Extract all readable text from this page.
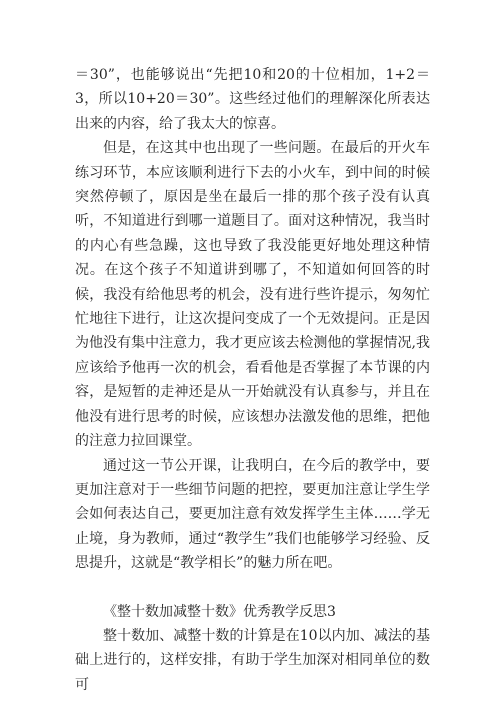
＝30”，也能够说出“先把10和20的十位相加，1+2＝3，所以10+20＝30”。这些经过他们的理解深化所表达出来的内容，给了我太大的惊喜。

但是，在这其中也出现了一些问题。在最后的开火车练习环节，本应该顺利进行下去的小火车，到中间的时候突然停顿了，原因是坐在最后一排的那个孩子没有认真听，不知道进行到哪一道题目了。面对这种情况，我当时的内心有些急躁，这也导致了我没能更好地处理这种情况。在这个孩子不知道讲到哪了，不知道如何回答的时候，我没有给他思考的机会，没有进行些许提示，匆匆忙忙地往下进行，让这次提问变成了一个无效提问。正是因为他没有集中注意力，我才更应该去检测他的掌握情况,我应该给予他再一次的机会，看看他是否掌握了本节课的内容，是短暂的走神还是从一开始就没有认真参与，并且在他没有进行思考的时候，应该想办法激发他的思维，把他的注意力拉回课堂。

通过这一节公开课，让我明白，在今后的教学中，要更加注意对于一些细节问题的把控，要更加注意让学生学会如何表达自己，要更加注意有效发挥学生主体……学无止境，身为教师，通过“教学生”我们也能够学习经验、反思提升，这就是“教学相长”的魅力所在吧。

《整十数加减整十数》优秀教学反思3

整十数加、减整十数的计算是在10以内加、减法的基础上进行的，这样安排，有助于学生加深对相同单位的数可
